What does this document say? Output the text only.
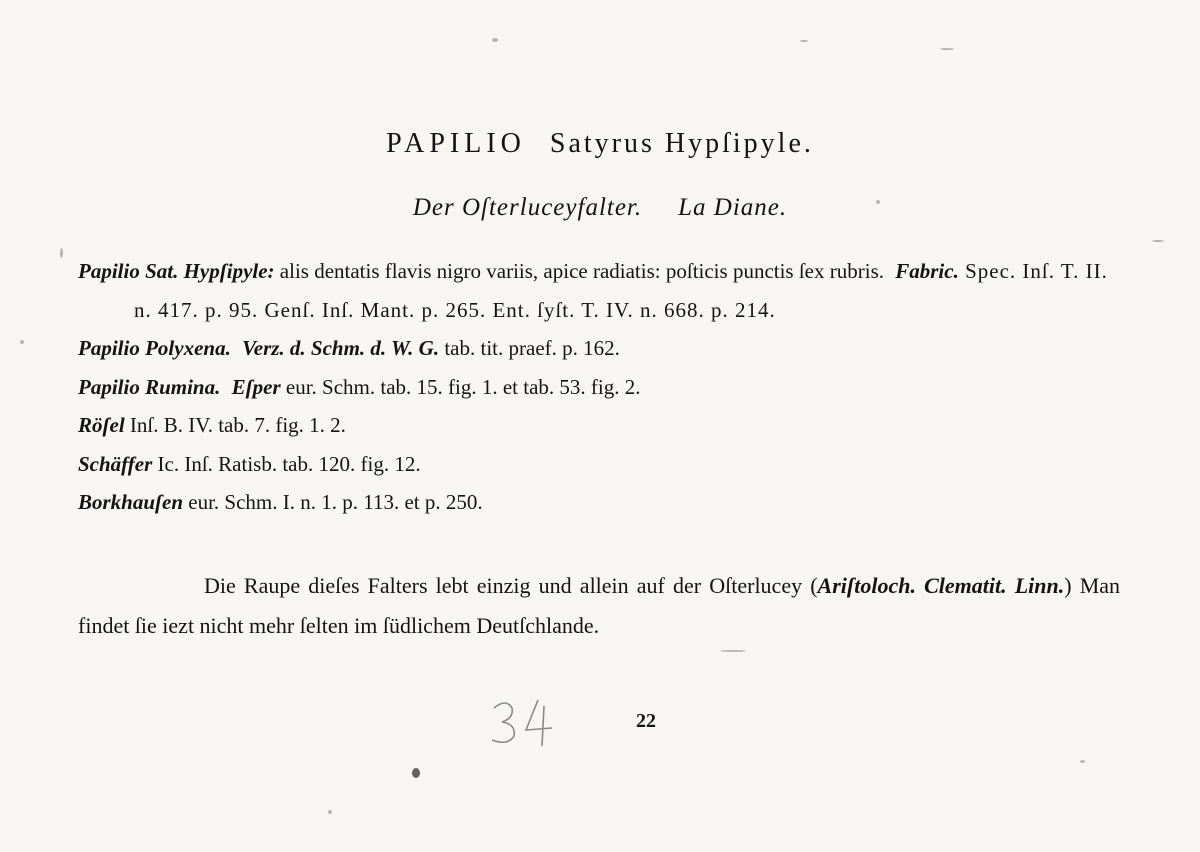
PAPILIO Satyrus Hypſipyle.
Der Oſterluceyfalter. La Diane.

Papilio Sat. Hypſipyle: alis dentatis flavis nigro variis, apice radiatis: poſticis punctis ſex rubris. Fabric. Spec. Inſ. T. II. n. 417. p. 95. Genſ. Inſ. Mant. p. 265. Ent. ſyſt. T. IV. n. 668. p. 214.

Papilio Polyxena. Verz. d. Schm. d. W. G. tab. tit. praef. p. 162.

Papilio Rumina. Eſper eur. Schm. tab. 15. fig. 1. et tab. 53. fig. 2.

Röſel Inſ. B. IV. tab. 7. fig. 1. 2.

Schäffer Ic. Inſ. Ratisb. tab. 120. fig. 12.

Borkhauſen eur. Schm. I. n. 1. p. 113. et p. 250.

Die Raupe dieſes Falters lebt einzig und allein auf der Oſterlucey (Ariſtoloch. Clematit. Linn.) Man findet ſie iezt nicht mehr ſelten im ſüdlichem Deutſchlande.
22
